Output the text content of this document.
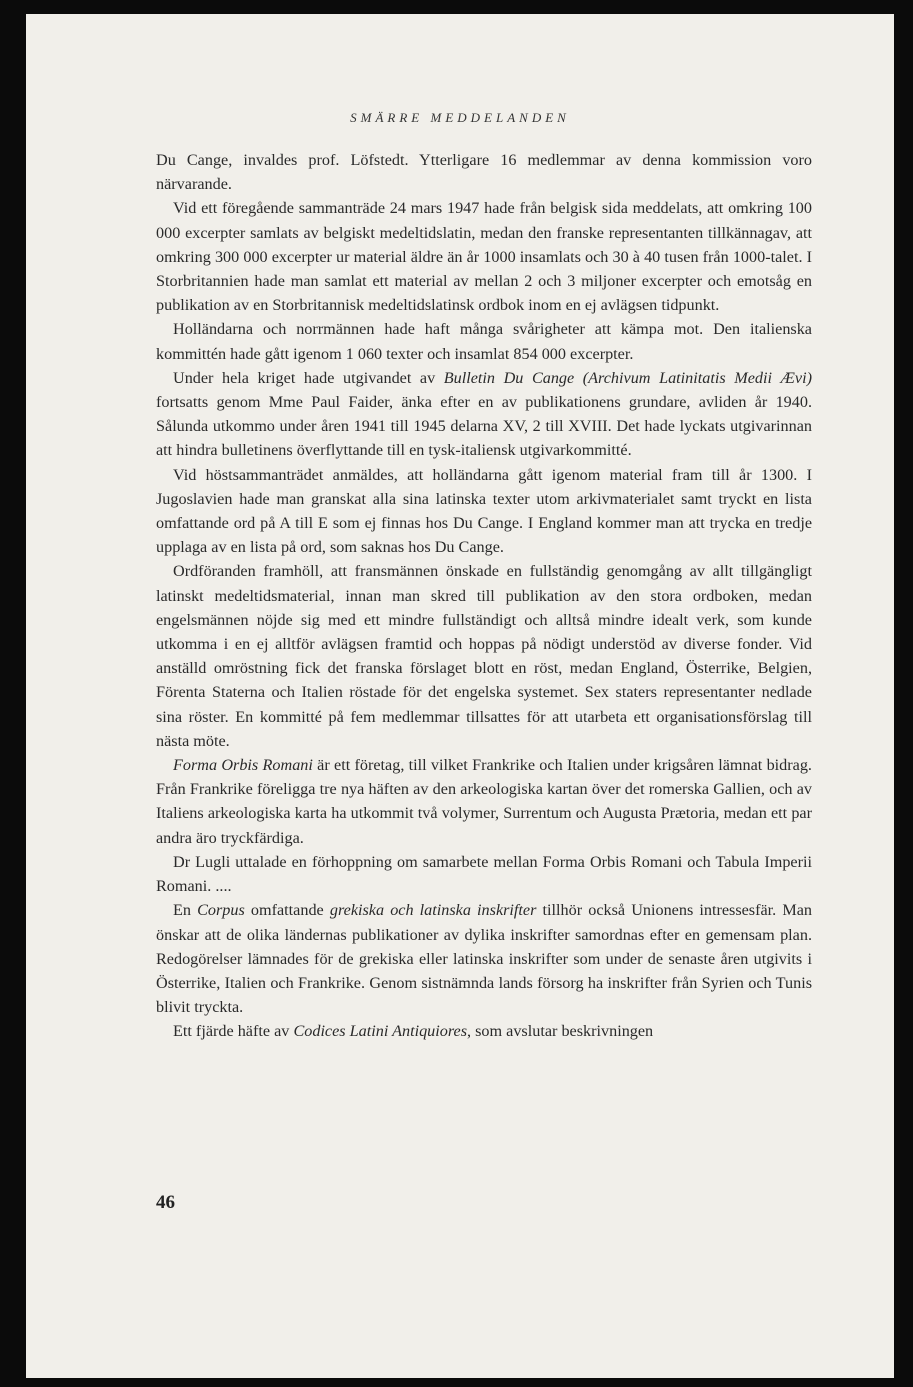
SMÄRRE MEDDELANDEN

Du Cange, invaldes prof. Löfstedt. Ytterligare 16 medlemmar av denna kommission voro närvarande.

Vid ett föregående sammanträde 24 mars 1947 hade från belgisk sida meddelats, att omkring 100 000 excerpter samlats av belgiskt medeltidslatin, medan den franske representanten tillkännagav, att omkring 300 000 excerpter ur material äldre än år 1000 insamlats och 30 à 40 tusen från 1000-talet. I Storbritannien hade man samlat ett material av mellan 2 och 3 miljoner excerpter och emotsåg en publikation av en Storbritannisk medeltidslatinsk ordbok inom en ej avlägsen tidpunkt.

Holländarna och norrmännen hade haft många svårigheter att kämpa mot. Den italienska kommittén hade gått igenom 1 060 texter och insamlat 854 000 excerpter.

Under hela kriget hade utgivandet av Bulletin Du Cange (Archivum Latinitatis Medii Ævi) fortsatts genom Mme Paul Faider, änka efter en av publikationens grundare, avliden år 1940. Sålunda utkommo under åren 1941 till 1945 delarna XV, 2 till XVIII. Det hade lyckats utgivarinnan att hindra bulletinens överflyttande till en tysk-italiensk utgivarkommitté.

Vid höstsammanträdet anmäldes, att holländarna gått igenom material fram till år 1300. I Jugoslavien hade man granskat alla sina latinska texter utom arkivmaterialet samt tryckt en lista omfattande ord på A till E som ej finnas hos Du Cange. I England kommer man att trycka en tredje upplaga av en lista på ord, som saknas hos Du Cange.

Ordföranden framhöll, att fransmännen önskade en fullständig genomgång av allt tillgängligt latinskt medeltidsmaterial, innan man skred till publikation av den stora ordboken, medan engelsmännen nöjde sig med ett mindre fullständigt och alltså mindre idealt verk, som kunde utkomma i en ej alltför avlägsen framtid och hoppas på nödigt understöd av diverse fonder. Vid anställd omröstning fick det franska förslaget blott en röst, medan England, Österrike, Belgien, Förenta Staterna och Italien röstade för det engelska systemet. Sex staters representanter nedlade sina röster. En kommitté på fem medlemmar tillsattes för att utarbeta ett organisationsförslag till nästa möte.

Forma Orbis Romani är ett företag, till vilket Frankrike och Italien under krigsåren lämnat bidrag. Från Frankrike föreligga tre nya häften av den arkeologiska kartan över det romerska Gallien, och av Italiens arkeologiska karta ha utkommit två volymer, Surrentum och Augusta Prætoria, medan ett par andra äro tryckfärdiga.

Dr Lugli uttalade en förhoppning om samarbete mellan Forma Orbis Romani och Tabula Imperii Romani. ....

En Corpus omfattande grekiska och latinska inskrifter tillhör också Unionens intressesfär. Man önskar att de olika ländernas publikationer av dylika inskrifter samordnas efter en gemensam plan. Redogörelser lämnades för de grekiska eller latinska inskrifter som under de senaste åren utgivits i Österrike, Italien och Frankrike. Genom sistnämnda lands försorg ha inskrifter från Syrien och Tunis blivit tryckta.

Ett fjärde häfte av Codices Latini Antiquiores, som avslutar beskrivningen

46
